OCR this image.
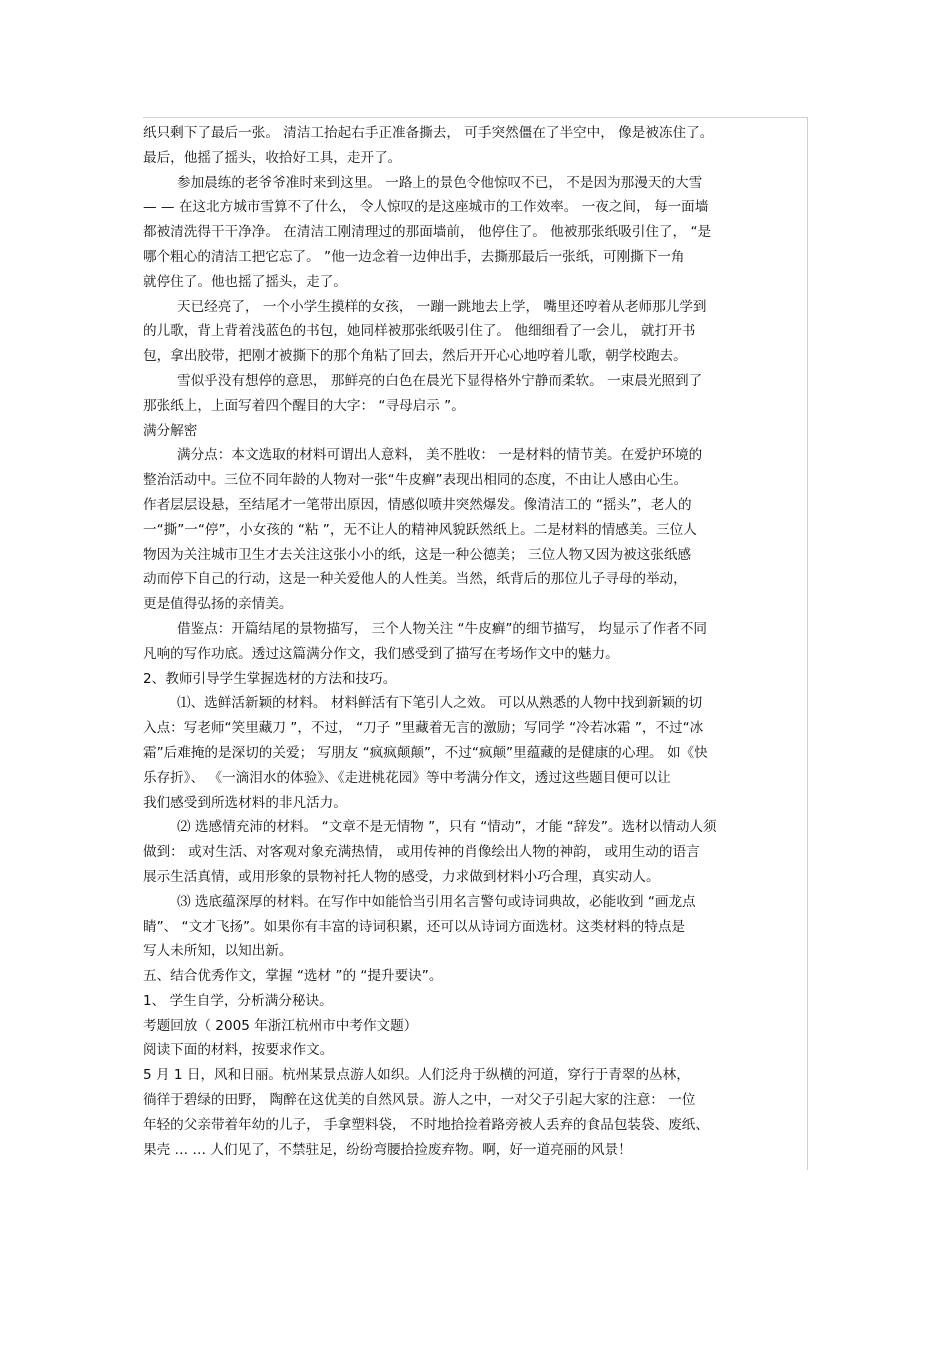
纸只剩下了最后一张。 清洁工抬起右手正准备撕去， 可手突然僵在了半空中， 像是被冻住了。

最后，他摇了摇头，收拾好工具，走开了。

参加晨练的老爷爷准时来到这里。 一路上的景色令他惊叹不已， 不是因为那漫天的大雪

— — 在这北方城市雪算不了什么， 令人惊叹的是这座城市的工作效率。 一夜之间， 每一面墙

都被清洗得干干净净。 在清洁工刚清理过的那面墙前， 他停住了。 他被那张纸吸引住了， “是

哪个粗心的清洁工把它忘了。 ”他一边念着一边伸出手，去撕那最后一张纸，可刚撕下一角

就停住了。他也摇了摇头，走了。

天已经亮了， 一个小学生摸样的女孩， 一蹦一跳地去上学， 嘴里还哼着从老师那儿学到

的儿歌，背上背着浅蓝色的书包，她同样被那张纸吸引住了。 他细细看了一会儿， 就打开书

包，拿出胶带，把刚才被撕下的那个角粘了回去，然后开开心心地哼着儿歌，朝学校跑去。

雪似乎没有想停的意思， 那鲜亮的白色在晨光下显得格外宁静而柔软。 一束晨光照到了

那张纸上，上面写着四个醒目的大字： “寻母启示 ”。

满分解密

满分点：本文选取的材料可谓出人意料， 美不胜收： 一是材料的情节美。在爱护环境的

整治活动中。三位不同年龄的人物对一张“牛皮癣”表现出相同的态度，不由让人感由心生。

作者层层设悬，至结尾才一笔带出原因，情感似喷井突然爆发。像清洁工的 “摇头”，老人的

一“撕”一“停”，小女孩的 “粘 ”，无不让人的精神风貌跃然纸上。二是材料的情感美。三位人

物因为关注城市卫生才去关注这张小小的纸，这是一种公德美； 三位人物又因为被这张纸感

动而停下自己的行动，这是一种关爱他人的人性美。当然，纸背后的那位儿子寻母的举动，

更是值得弘扬的亲情美。

借鉴点：开篇结尾的景物描写， 三个人物关注 “牛皮癣”的细节描写， 均显示了作者不同

凡响的写作功底。透过这篇满分作文，我们感受到了描写在考场作文中的魅力。

2、教师引导学生掌握选材的方法和技巧。

⑴、选鲜活新颖的材料。 材料鲜活有下笔引人之效。 可以从熟悉的人物中找到新颖的切

入点：写老师“笑里藏刀 ”，不过， “刀子 ”里藏着无言的激励；写同学 “冷若冰霜 ”，不过“冰

霜”后难掩的是深切的关爱； 写朋友 “疯疯颠颠”，不过“疯颠”里蕴藏的是健康的心理。 如《快

乐存折》、 《一滴泪水的体验》、《走进桃花园》等中考满分作文，透过这些题目便可以让

我们感受到所选材料的非凡活力。

⑵ 选感情充沛的材料。 “文章不是无情物 ”，只有 “情动”，才能 “辞发”。选材以情动人须

做到： 或对生活、对客观对象充满热情， 或用传神的肖像绘出人物的神韵， 或用生动的语言

展示生活真情，或用形象的景物衬托人物的感受，力求做到材料小巧合理，真实动人。

⑶ 选底蕴深厚的材料。在写作中如能恰当引用名言警句或诗词典故，必能收到 “画龙点

睛”、 “文才飞扬”。如果你有丰富的诗词积累，还可以从诗词方面选材。这类材料的特点是

写人未所知，以知出新。

五、结合优秀作文，掌握 “选材 ”的 “提升要诀”。

1、 学生自学，分析满分秘诀。

考题回放（ 2005 年浙江杭州市中考作文题）

阅读下面的材料，按要求作文。

5 月 1 日，风和日丽。杭州某景点游人如织。人们泛舟于纵横的河道，穿行于青翠的丛林，

徜徉于碧绿的田野， 陶醉在这优美的自然风景。游人之中，一对父子引起大家的注意： 一位

年轻的父亲带着年幼的儿子， 手拿塑料袋， 不时地拾捡着路旁被人丢弃的食品包装袋、废纸、

果壳 … … 人们见了，不禁驻足，纷纷弯腰拾捡废弃物。啊，好一道亮丽的风景！
